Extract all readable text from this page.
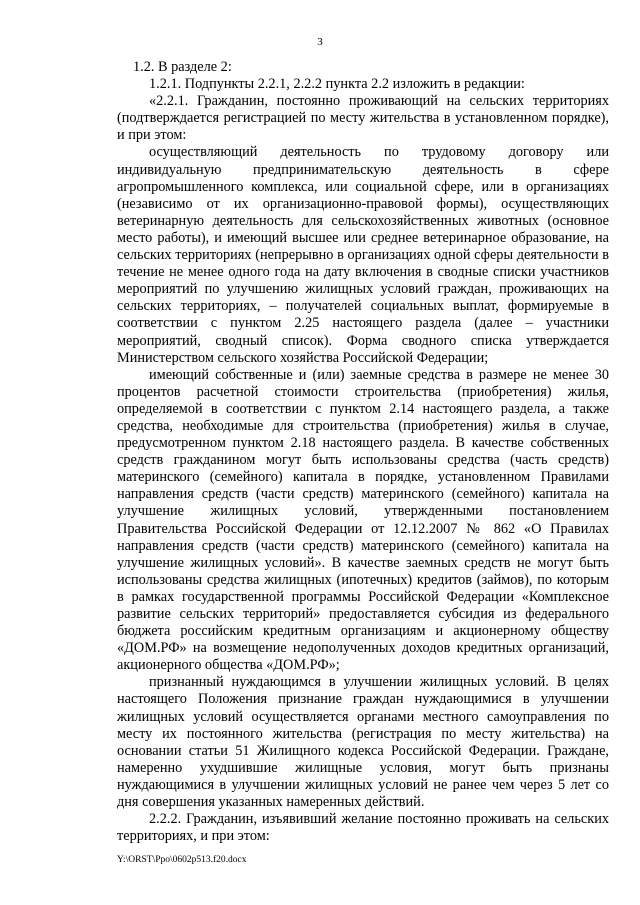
3

1.2. В разделе 2:

1.2.1. Подпункты 2.2.1, 2.2.2 пункта 2.2 изложить в редакции:

«2.2.1. Гражданин, постоянно проживающий на сельских территориях (подтверждается регистрацией по месту жительства в установленном порядке), и при этом:

осуществляющий деятельность по трудовому договору или индивидуальную предпринимательскую деятельность в сфере агропромышленного комплекса, или социальной сфере, или в организациях (независимо от их организационно-правовой формы), осуществляющих ветеринарную деятельность для сельскохозяйственных животных (основное место работы), и имеющий высшее или среднее ветеринарное образование, на сельских территориях (непрерывно в организациях одной сферы деятельности в течение не менее одного года на дату включения в сводные списки участников мероприятий по улучшению жилищных условий граждан, проживающих на сельских территориях, – получателей социальных выплат, формируемые в соответствии с пунктом 2.25 настоящего раздела (далее – участники мероприятий, сводный список). Форма сводного списка утверждается Министерством сельского хозяйства Российской Федерации;

имеющий собственные и (или) заемные средства в размере не менее 30 процентов расчетной стоимости строительства (приобретения) жилья, определяемой в соответствии с пунктом 2.14 настоящего раздела, а также средства, необходимые для строительства (приобретения) жилья в случае, предусмотренном пунктом 2.18 настоящего раздела. В качестве собственных средств гражданином могут быть использованы средства (часть средств) материнского (семейного) капитала в порядке, установленном Правилами направления средств (части средств) материнского (семейного) капитала на улучшение жилищных условий, утвержденными постановлением Правительства Российской Федерации от 12.12.2007 № 862 «О Правилах направления средств (части средств) материнского (семейного) капитала на улучшение жилищных условий». В качестве заемных средств не могут быть использованы средства жилищных (ипотечных) кредитов (займов), по которым в рамках государственной программы Российской Федерации «Комплексное развитие сельских территорий» предоставляется субсидия из федерального бюджета российским кредитным организациям и акционерному обществу «ДОМ.РФ» на возмещение недополученных доходов кредитных организаций, акционерного общества «ДОМ.РФ»;

признанный нуждающимся в улучшении жилищных условий. В целях настоящего Положения признание граждан нуждающимися в улучшении жилищных условий осуществляется органами местного самоуправления по месту их постоянного жительства (регистрация по месту жительства) на основании статьи 51 Жилищного кодекса Российской Федерации. Граждане, намеренно ухудшившие жилищные условия, могут быть признаны нуждающимися в улучшении жилищных условий не ранее чем через 5 лет со дня совершения указанных намеренных действий.

2.2.2. Гражданин, изъявивший желание постоянно проживать на сельских территориях, и при этом:

Y:\ORST\Ppo\0602p513.f20.docx
